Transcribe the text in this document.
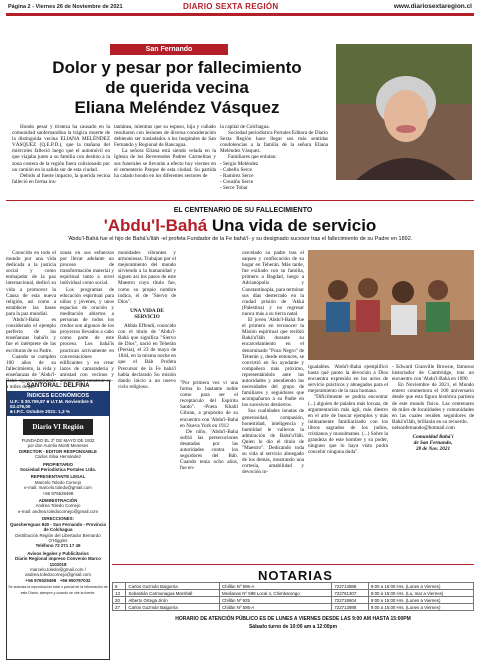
Página 2 - Viernes 26 de Noviembre de 2021	DIARIO SEXTA REGIÓN	www.diariosextaregion.cl
San Fernando
Dolor y pesar por fallecimiento
de querida vecina
Eliana Meléndez Vásquez

Hondo pesar y tristeza ha causado en la comunidad sanfernandina la trágica muerte de la distinguida vecina ELIANA MELÉNDEZ VÁSQUEZ (Q.E.P.D.), que la mañana del miércoles falleció luego que el automóvil en que viajaba junto a su familia con destino a la zona costera de la región fuera colisionado por un camión en la salida sur de esta ciudad.

Debido al fuerte impacto, la querida vecina falleció en forma ins-

tantánea, mientras que su esposo, hija y cuñado resultaron con lesiones de diversa consideración debiendo ser trasladados a los hospitales de San Fernando y Regional de Rancagua.

La señora Eliana está siendo velada en la Iglesia de los Reverendos Padres Carmelitas y sus funerales se llevarán a efecto hoy viernes en el cementerio Parque de esta ciudad. Su partida ha calado hondo en los diferentes sectores de

la capital de Colchagua.

Sociedad periodística Portales Editora de Diario Sexta Región hace llegar sus más sentidas condolencias a la familia de la señora Eliana Meléndez Vásquez.

Familiares que enlutan:

- Sergio Meléndez

- Cabello Serce

- Ramírez Serce

- Cousiño Serce

- Serce Tobar

EL CENTENARIO DE SU FALLECIMIENTO
'Abdu'l-Bahá Una vida de servicio
'Abdu'l-Bahá fue el hijo de Bahá'u'lláh -el profeta Fundador de la Fe bahá'í- y su designado sucesor tras el fallecimiento de su Padre en 1892.

Conocido en todo el mundo por una vida dedicada a la justicia social y como embajador de la paz internacional, dedicó su vida a promover la Causa de esta nueva religión, así como a establecer las bases para la paz mundial.

'Abdu'l-Bahá es considerado el ejemplo perfecto de las enseñanzas bahá'ís y fue el intérprete de las escrituras de su Padre.

Cuando se cumplen 100 años de su fallecimiento, la vida y enseñanzas de 'Abdu'l-Bahá siguen inspirando a miles de per-

sonas en sus esfuerzos por llevar adelante un proceso de transformación material y espiritual tanto a nivel individual como social.

Los programas de educación espiritual para niños y jóvenes, y unos espacios de oración y meditación abiertos a personas de todos los credos son algunos de los proyectos llevados a cabo como parte de este proceso. Los bahá'ís practican activamente en conversaciones edificantes y en crear lazos de camaradería y amistad con vecinos y amigos para construir co-

munidades vibrantes y armoniosas. Trabajan por el mejoramiento del mundo sirviendo a la humanidad y siguen así los pasos de este Maestro cuyo título fue, como su propio nombre indica, el de "Siervo de Dios".

UNA VIDA DE SERVICIO

Abbás Effendi, conocido con el título de 'Abdu'l-Bahá que significa "Siervo de Dios", nació en Teherán (Persia), el 23 de mayo de 1844, en la misma noche en que el Báb Profeta Precursor de la Fe bahá'í había declarado Su misión dando inicio a un nuevo ciclo religioso.

"Por primera vez vi una forma lo bastante noble como para ser el receptáculo del Espíritu Santo". -Poeta Khalil Gibran, a propósito de su encuentro con 'Abdu'l-Bahá en Nueva York en 1912

De niño, 'Abdu'l-Bahá sufrió las persecuciones desatadas por las autoridades contra los seguidores del Báb. Cuando tenía ocho años, fue en-

carcelado su padre tras el saqueo y confiscación de su hogar en Teherán. Más tarde, fue exiliado con su familia, primero a Bagdad, luego a Adrianópolis y Constantinopla, para terminar sus días desterrado en la ciudad prisión de 'Akká (Palestina) y no regresar nunca más a su tierra natal.

El joven 'Abdu'l-Bahá fue el primero en reconocer la Misión espiritual que recibió Bahá'u'lláh durante su encarcelamiento en el denominado "Pozo Negro" de Teherán y, desde entonces, se convirtió en Su ayudante y compañero más próximo, representándolo ante las autoridades y atendiendo las necesidades del grupo de familiares y seguidores que acompañaron a su Padre en los sucesivos destierros.

Sus cualidades innatas de generosidad, compasión, honestidad, inteligencia y humildad le valieron la admiración de Bahá'u'lláh. Quien lo dio el título de "Maestro". Dedicando toda su vida al servicio abnegado de los demás, mostrando una cortesía, amabilidad y devoción in-

igualables. 'Abdu'l-Bahá ejemplificó hasta qué punto la devoción a Dios encuentra expresión en los actos de servicio prácticos y abnegados para el mejoramiento de la raza humana.

"Difícilmente se podría encontrar (...) alguien de palabra más locuaz, de argumentación más ágil, más diestro en el arte de buscar ejemplos y más íntimamente familiarizado con los libros sagrados de los judíos, cristianos y musulmanes. (...) Sobre la grandeza de este hombre y su poder, ninguno que lo haya visto podrá concebir ninguna duda".

- Edward Granville Browne, famosos historiador de Cambridge, tras un encuentro con 'Abdu'l-Bahá en 1890

En Noviembre de 2021, el Mundo entero conmemora el 100 aniversario desde que esta figura histórica partiera de este mundo físico. Las centenares de miles de localidades y comunidades en las cuales residen seguidores de Bahá'u'lláh, brillarán en su recuerdo.

nelsonfernando@hotmail.com

Comunidad Bahá'í

de San Fernando,

28 de Nov. 2021

SANTORAL: DELFINA
ÍNDICES ECONÓMICOS
U.F.: $ 30.709,87 ■ U.T.M. Noviembre $ 53.476,00
■ I.P.C. Octubre 2021: 1,3 %
Diario VI Región
FUNDADO EL 2º DE MAYO DE 1932
por don Aurelio Montt Meneses
DIRECTOR - EDITOR RESPONSABLE
Carlos Silva Hernández
PROPIETARIO
Sociedad Periodística Portales Ltda.
REPRESENTANTE LEGAL
Marcelo Toledo Cornejo
e-mail: marcelo.toledo@gmail.com
+56 976529498
ADMINISTRACIÓN
Andrea Toledo Cornejo
e-mail: andrea.toledocornejo@gmail.com
DIRECCIONES:
Quechereguas 840 - San Fernando - Provincia de Colchagua
Distribución Región del Libertador Bernardo O'Higgins
Teléfono 72 271 17 49
Avisos legales y Publicitarios
Diario Regional impreso Convenio Marco 1102018
marcelo.toledo@gmail.com / andrea.toledocornejo@gmail.com
+56 976529498 +56 950797032
Se autoriza la reproducción total o parcial de la información de este Diario, siempre y cuando se cite la fuente.
NOTARIAS
6	Carlos Guzmán Baigorria	Chillán Nº 595-A	722713988	9:00 a 15:00 Hrs. (Lunes a Viernes)
13	Sebastián Carmunagua Marshall	Medianas Nº 598 Local 4, Chimbarongo	722761307	9:00 a 15:00 Hrs. (Lu, mar a Viernes)
20	Alberto Ortega Jirón	Chillán Nº 925	722718604	9:00 a 15:00 Hrs. (Lunes a Viernes)
27	Carlos Guzmán Baigorria	Chillán Nº 595-A	722713988	9:00 a 15:00 Hrs. (Lunes a Viernes)
HORARIO DE ATENCIÓN PÚBLICO ES DE LUNES A VIERNES DESDE LAS 9:00 AM HASTA 15:00PM
Sábado turno de 10:00 am a 12:00pm
